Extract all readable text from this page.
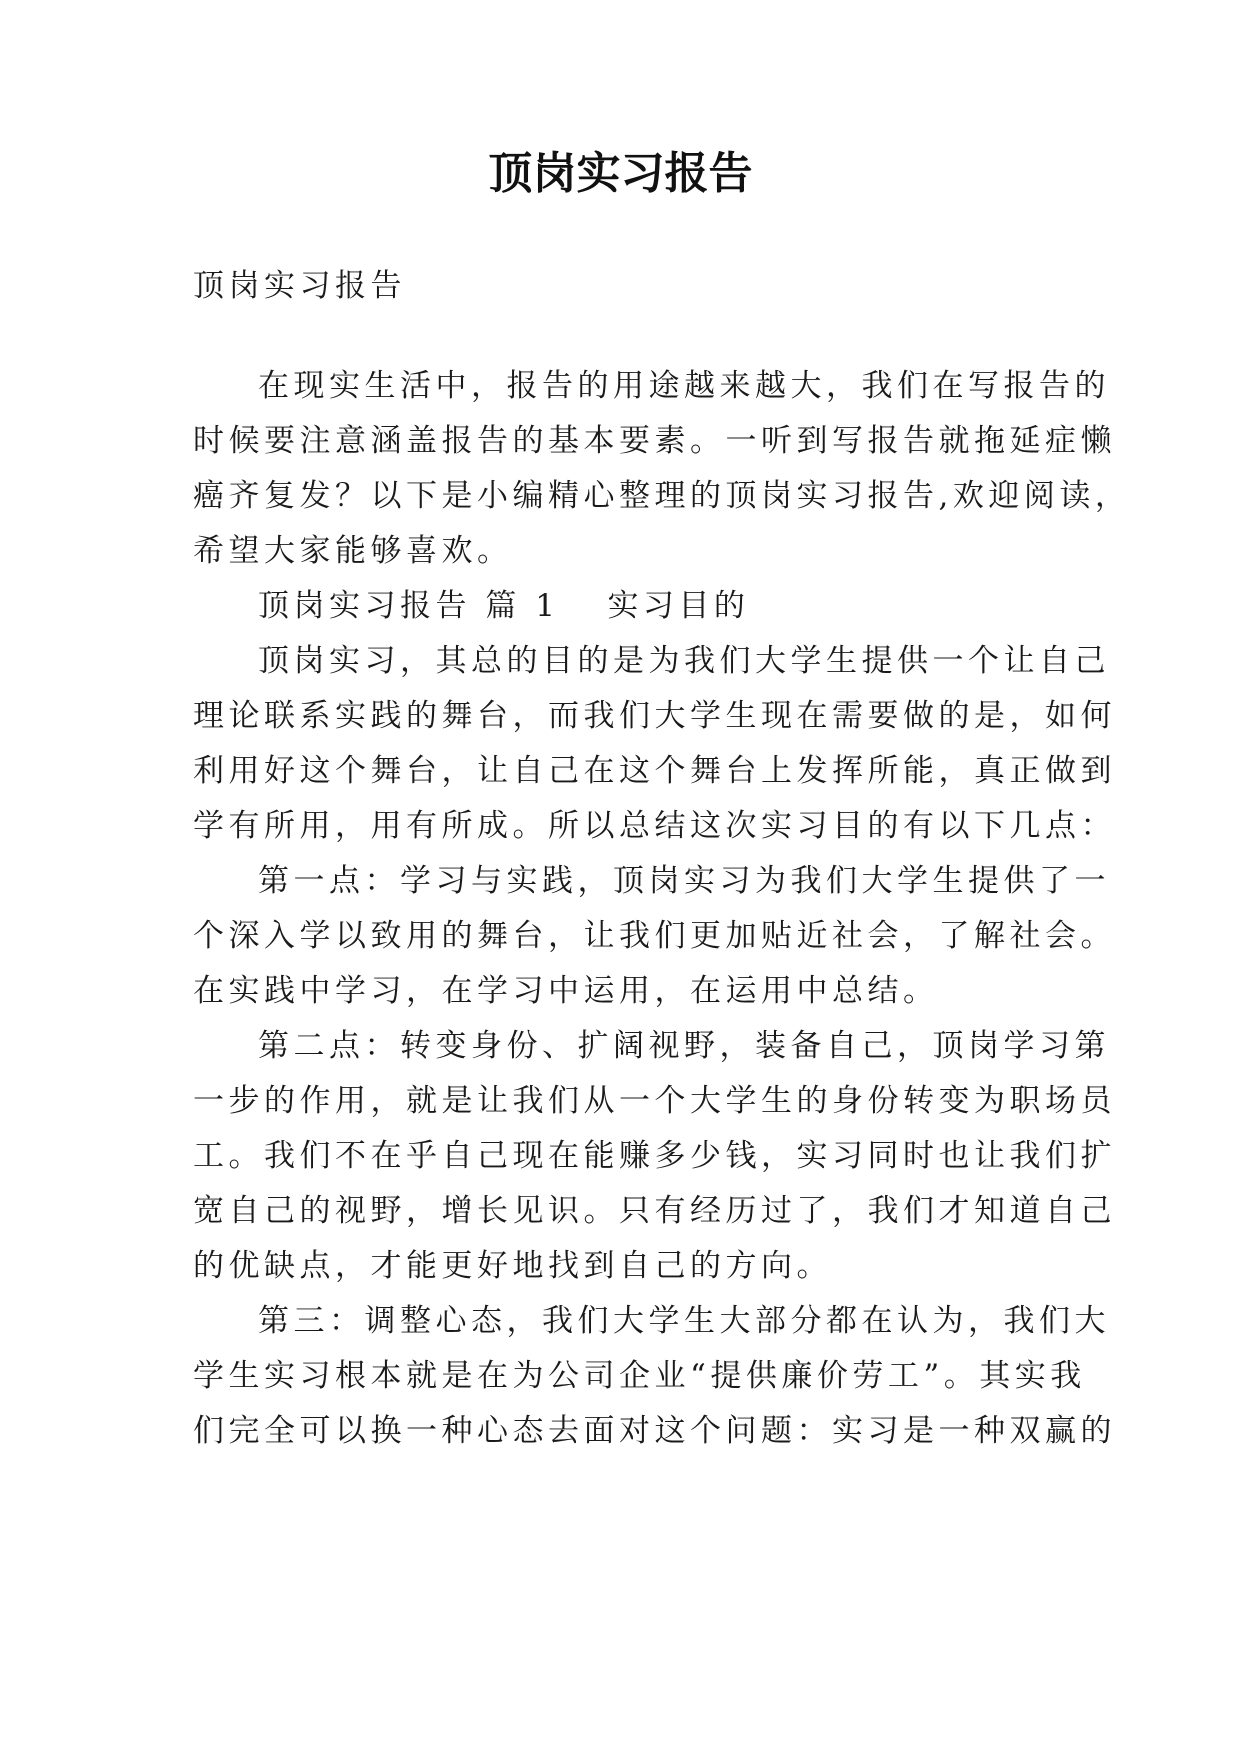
顶岗实习报告

顶岗实习报告

在现实生活中，报告的用途越来越大，我们在写报告的

时候要注意涵盖报告的基本要素。一听到写报告就拖延症懒

癌齐复发？以下是小编精心整理的顶岗实习报告,欢迎阅读，

希望大家能够喜欢。

顶岗实习报告 篇 1 实习目的

顶岗实习，其总的目的是为我们大学生提供一个让自己

理论联系实践的舞台，而我们大学生现在需要做的是，如何

利用好这个舞台，让自己在这个舞台上发挥所能，真正做到

学有所用，用有所成。所以总结这次实习目的有以下几点：

第一点：学习与实践，顶岗实习为我们大学生提供了一

个深入学以致用的舞台，让我们更加贴近社会，了解社会。

在实践中学习，在学习中运用，在运用中总结。

第二点：转变身份、扩阔视野，装备自己，顶岗学习第

一步的作用，就是让我们从一个大学生的身份转变为职场员

工。我们不在乎自己现在能赚多少钱，实习同时也让我们扩

宽自己的视野，增长见识。只有经历过了，我们才知道自己

的优缺点，才能更好地找到自己的方向。

第三：调整心态，我们大学生大部分都在认为，我们大

学生实习根本就是在为公司企业“提供廉价劳工”。其实我

们完全可以换一种心态去面对这个问题：实习是一种双赢的
